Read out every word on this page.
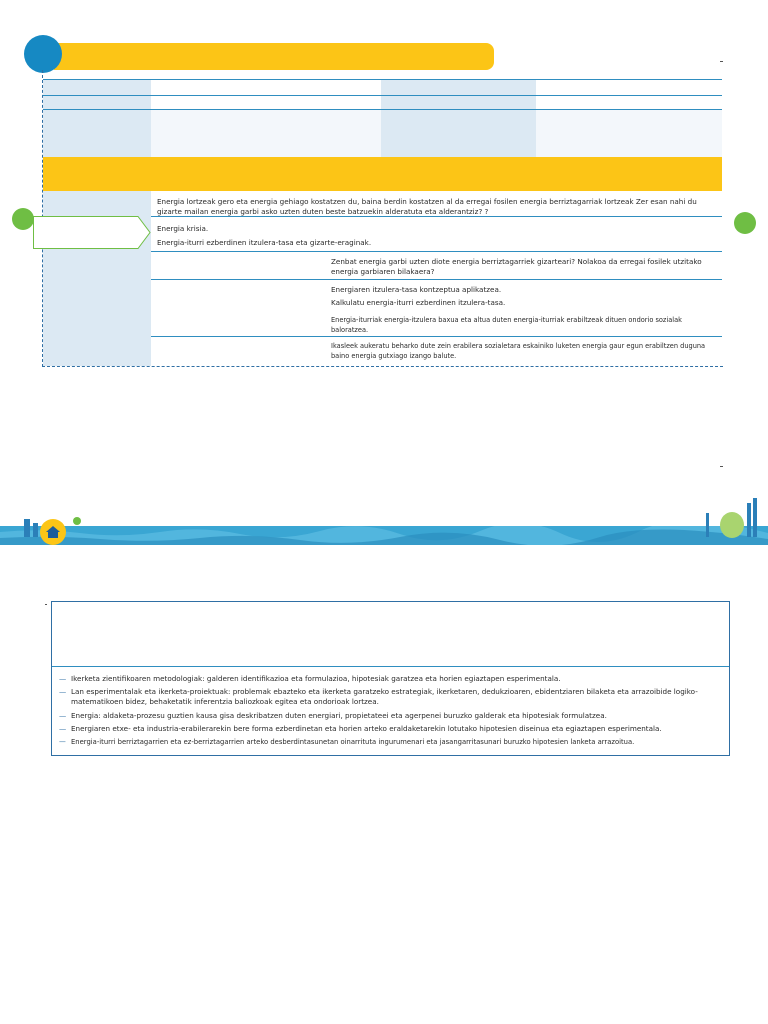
Energia lortzeak gero eta energia gehiago kostatzen du, baina berdin kostatzen al da erregai fosilen energia berriztagarriak lortzeak Zer esan nahi du gizarte mailan energia garbi asko uzten duten beste batzuekin alderatuta eta alderantziz? ?
Energia krisia.
Energia-iturri ezberdinen itzulera-tasa eta gizarte-eraginak.
Zenbat energia garbi uzten diote energia berriztagarriek gizarteari? Nolakoa da erregai fosilek utzitako energia garbiaren bilakaera?
Energiaren itzulera-tasa kontzeptua aplikatzea.
Kalkulatu energia-iturri ezberdinen itzulera-tasa.
Energia-iturriak energia-itzulera baxua eta altua duten energia-iturriak erabiltzeak dituen ondorio sozialak baloratzea.
Ikasleek aukeratu beharko dute zein erabilera sozialetara eskainiko luketen energia gaur egun erabiltzen duguna baino energia gutxiago izango balute.
— Ikerketa zientifikoaren metodologiak: galderen identifikazioa eta formulazioa, hipotesiak garatzea eta horien egiaztapen esperimentala.
— Lan esperimentalak eta ikerketa-proiektuak: problemak ebazteko eta ikerketa garatzeko estrategiak, ikerketaren, dedukzioaren, ebidentziaren bilaketa eta arrazoibide logiko-matematikoen bidez, behaketatik inferentzia baliozkoak egitea eta ondorioak lortzea.
— Energia: aldaketa-prozesu guztien kausa gisa deskribatzen duten energiari, propietateei eta agerpenei buruzko galderak eta hipotesiak formulatzea.
— Energiaren etxe- eta industria-erabilerarekin bere forma ezberdinetan eta horien arteko eraldaketarekin lotutako hipotesien diseinua eta egiaztapen esperimentala.
— Energia-iturri berriztagarrien eta ez-berriztagarrien arteko desberdintasunetan oinarrituta ingurumenari eta jasangarritasunari buruzko hipotesien lanketa arrazoitua.
